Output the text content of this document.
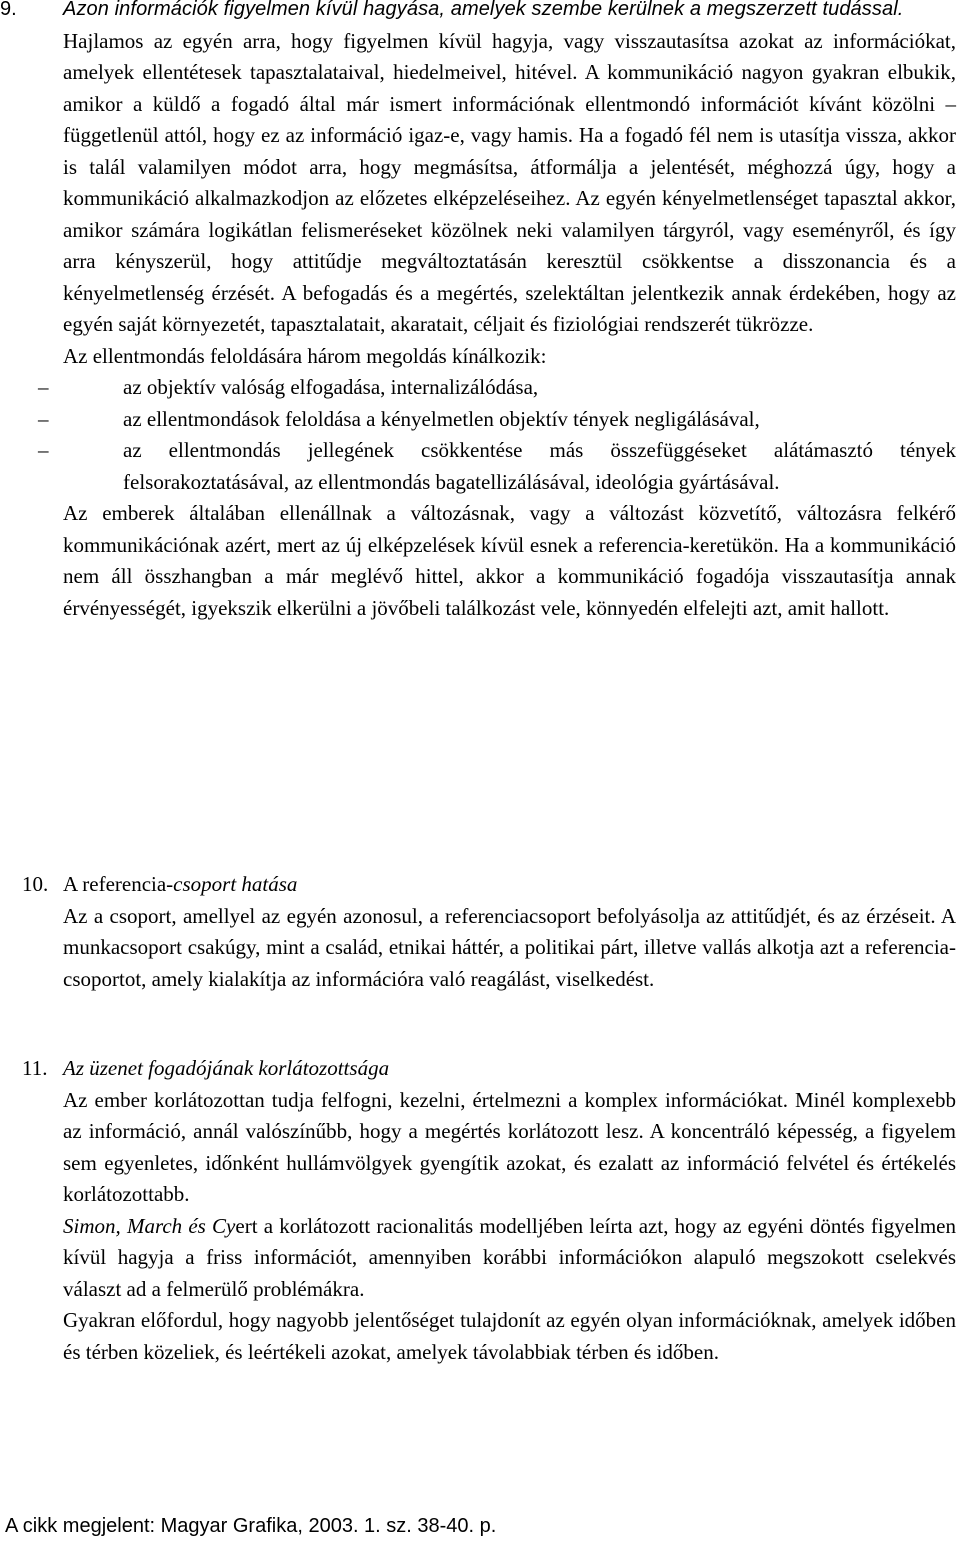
9. Azon információk figyelmen kívül hagyása, amelyek szembe kerülnek a megszerzett tudással.

Hajlamos az egyén arra, hogy figyelmen kívül hagyja, vagy visszautasítsa azokat az információkat, amelyek ellentétesek tapasztalataival, hiedelmeivel, hitével. A kommunikáció nagyon gyakran elbukik, amikor a küldő a fogadó által már ismert információnak ellentmondó információt kívánt közölni – függetlenül attól, hogy ez az információ igaz-e, vagy hamis. Ha a fogadó fél nem is utasítja vissza, akkor is talál valamilyen módot arra, hogy megmásítsa, átformálja a jelentését, méghozzá úgy, hogy a kommunikáció alkalmazkodjon az előzetes elképzeléseihez. Az egyén kényelmetlenséget tapasztal akkor, amikor számára logikátlan felismeréseket közölnek neki valamilyen tárgyról, vagy eseményről, és így arra kényszerül, hogy attitűdje megváltoztatásán keresztül csökkentse a disszonancia és a kényelmetlenség érzését. A befogadás és a megértés, szelektáltan jelentkezik annak érdekében, hogy az egyén saját környezetét, tapasztalatait, akaratait, céljait és fiziológiai rendszerét tükrözze.

Az ellentmondás feloldására három megoldás kínálkozik:

–	az objektív valóság elfogadása, internalizálódása,
–	az ellentmondások feloldása a kényelmetlen objektív tények negligálásával,
–	az ellentmondás jellegének csökkentése más összefüggéseket alátámasztó tények felsorakoztatásával, az ellentmondás bagatellizálásával, ideológia gyártásával.

Az emberek általában ellenállnak a változásnak, vagy a változást közvetítő, változásra felkérő kommunikációnak azért, mert az új elképzelések kívül esnek a referencia-keretükön. Ha a kommunikáció nem áll összhangban a már meglévő hittel, akkor a kommunikáció fogadója visszautasítja annak érvényességét, igyekszik elkerülni a jövőbeli találkozást vele, könnyedén elfelejti azt, amit hallott.

10. A referencia-csoport hatása

Az a csoport, amellyel az egyén azonosul, a referenciacsoport befolyásolja az attitűdjét, és az érzéseit. A munkacsoport csakúgy, mint a család, etnikai háttér, a politikai párt, illetve vallás alkotja azt a referencia-csoportot, amely kialakítja az információra való reagálást, viselkedést.

11. Az üzenet fogadójának korlátozottsága

Az ember korlátozottan tudja felfogni, kezelni, értelmezni a komplex információkat. Minél komplexebb az információ, annál valószínűbb, hogy a megértés korlátozott lesz. A koncentráló képesség, a figyelem sem egyenletes, időnként hullámvölgyek gyengítik azokat, és ezalatt az információ felvétel és értékelés korlátozottabb.

Simon, March és Cyert a korlátozott racionalitás modelljében leírta azt, hogy az egyéni döntés figyelmen kívül hagyja a friss információt, amennyiben korábbi információkon alapuló megszokott cselekvés választ ad a felmerülő problémákra.

Gyakran előfordul, hogy nagyobb jelentőséget tulajdonít az egyén olyan információknak, amelyek időben és térben közeliek, és leértékeli azokat, amelyek távolabbiak térben és időben.

A cikk megjelent: Magyar Grafika, 2003. 1. sz. 38-40. p.
